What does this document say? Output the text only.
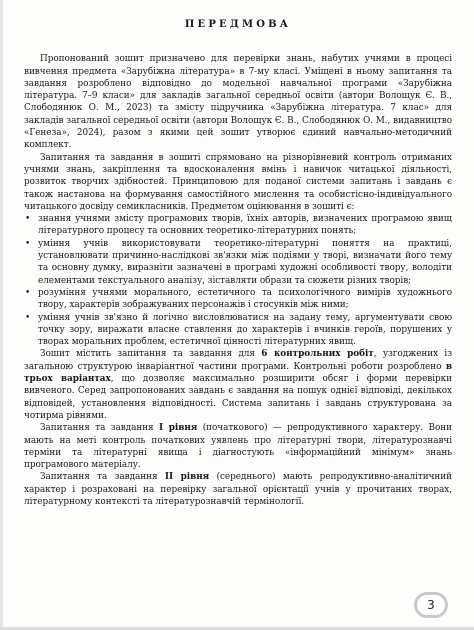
ПЕРЕДМОВА

Пропонований зошит призначено для перевірки знань, набутих учнями в процесі вивчення предмета «Зарубіжна література» в 7-му класі. Уміщені в ньому запитання та завдання розроблено відповідно до модельної навчальної програми «Зарубіжна література. 7–9 класи» для закладів загальної середньої освіти (автори Волощук Є. В., Слободянюк О. М., 2023) та змісту підручника «Зарубіжна література. 7 клас» для закладів загальної середньої освіти (автори Волощук Є. В., Слободянюк О. М., видавництво «Генеза», 2024), разом з якими цей зошит утворює єдиний навчально-методичний комплект.

Запитання та завдання в зошиті спрямовано на різнорівневий контроль отриманих учнями знань, закріплення та вдосконалення вмінь і навичок читацької діяльності, розвиток творчих здібностей. Принциповою для поданої системи запитань і завдань є також настанова на формування самостійного мислення та особистісно-індивідуального читацького досвіду семикласників. Предметом оцінювання в зошиті є:

• знання учнями змісту програмових творів, їхніх авторів, визначених програмою явищ літературного процесу та основних теоретико-літературних понять;
• уміння учнів використовувати теоретико-літературні поняття на практиці, установлювати причинно-наслідкові зв'язки між подіями у творі, визначати його тему та основну думку, виразніти зазначені в програмі художні особливості твору, володіти елементами текстуального аналізу, зіставляти образи та сюжети різних творів;
• розуміння учнями морального, естетичного та психологічного вимірів художнього твору, характерів зображуваних персонажів і стосунків між ними;
• уміння учнів зв'язно й логічно висловлюватися на задану тему, аргументувати свою точку зору, виражати власне ставлення до характерів і вчинків героїв, порушених у творах моральних проблем, естетичної цінності літературних явищ.

Зошит містить запитання та завдання для 6 контрольних робіт, узгоджених із загальною структурою інваріантної частини програми. Контрольні роботи розроблено в трьох варіантах, що дозволяє максимально розширити обсяг і форми перевірки вивченого. Серед запропонованих завдань є завдання на пошук однієї відповіді, декількох відповідей, установлення відповідності. Система запитань і завдань структурована за чотирма рівнями.

Запитання та завдання І рівня (початкового) — репродуктивного характеру. Вони мають на меті контроль початкових уявлень про літературні твори, літературознавчі терміни та літературні явища і діагностують «інформаційний мінімум» знань програмового матеріалу.

Запитання та завдання ІІ рівня (середнього) мають репродуктивно-аналітичний характер і розраховані на перевірку загальної орієнтації учнів у прочитаних творах, літературному контексті та літературознавчій термінології.

3
